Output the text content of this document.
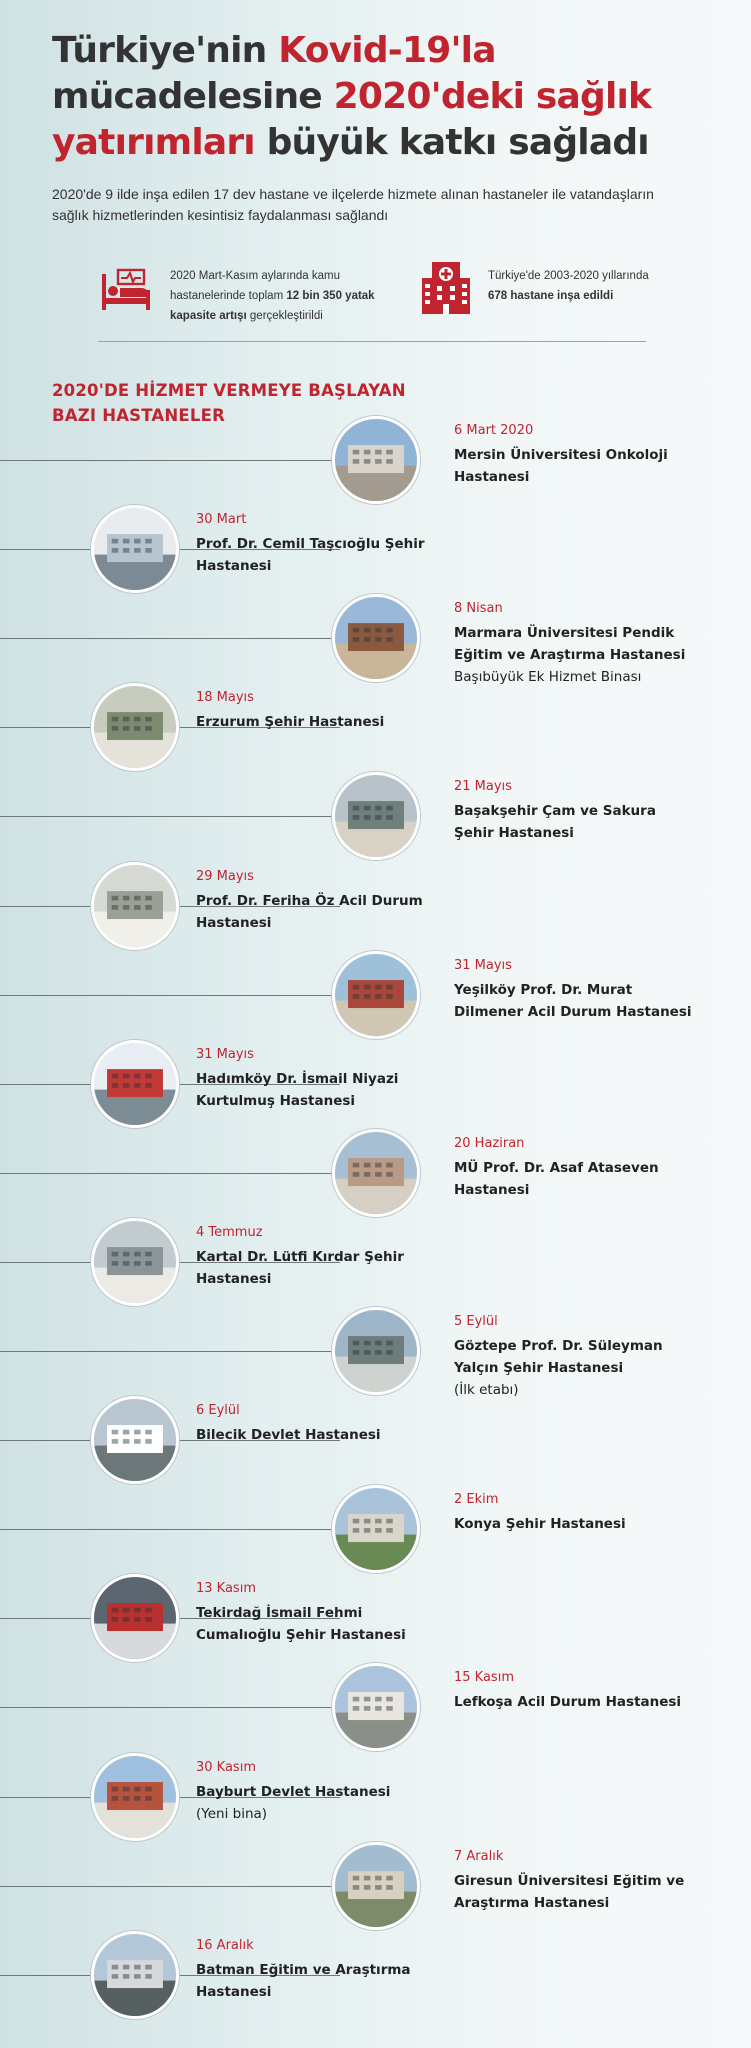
Türkiye'nin Kovid-19'la mücadelesine 2020'deki sağlık yatırımları büyük katkı sağladı

2020'de 9 ilde inşa edilen 17 dev hastane ve ilçelerde hizmete alınan hastaneler ile vatandaşların sağlık hizmetlerinden kesintisiz faydalanması sağlandı

2020 Mart-Kasım aylarında kamu hastanelerinde toplam 12 bin 350 yatak kapasite artışı gerçekleştirildi
Türkiye'de 2003-2020 yıllarında 678 hastane inşa edildi
2020'DE HİZMET VERMEYE BAŞLAYAN BAZI HASTANELER
6 Mart 2020
Mersin Üniversitesi Onkoloji Hastanesi
30 Mart
Prof. Dr. Cemil Taşcıoğlu Şehir Hastanesi
8 Nisan
Marmara Üniversitesi Pendik Eğitim ve Araştırma Hastanesi
Başıbüyük Ek Hizmet Binası
18 Mayıs
Erzurum Şehir Hastanesi
21 Mayıs
Başakşehir Çam ve Sakura Şehir Hastanesi
29 Mayıs
Prof. Dr. Feriha Öz Acil Durum Hastanesi
31 Mayıs
Yeşilköy Prof. Dr. Murat Dilmener Acil Durum Hastanesi
31 Mayıs
Hadımköy Dr. İsmail Niyazi Kurtulmuş Hastanesi
20 Haziran
MÜ Prof. Dr. Asaf Ataseven Hastanesi
4 Temmuz
Kartal Dr. Lütfi Kırdar Şehir Hastanesi
5 Eylül
Göztepe Prof. Dr. Süleyman Yalçın Şehir Hastanesi
(İlk etabı)
6 Eylül
Bilecik Devlet Hastanesi
2 Ekim
Konya Şehir Hastanesi
13 Kasım
Tekirdağ İsmail Fehmi Cumalıoğlu Şehir Hastanesi
15 Kasım
Lefkoşa Acil Durum Hastanesi
30 Kasım
Bayburt Devlet Hastanesi
(Yeni bina)
7 Aralık
Giresun Üniversitesi Eğitim ve Araştırma Hastanesi
16 Aralık
Batman Eğitim ve Araştırma Hastanesi
